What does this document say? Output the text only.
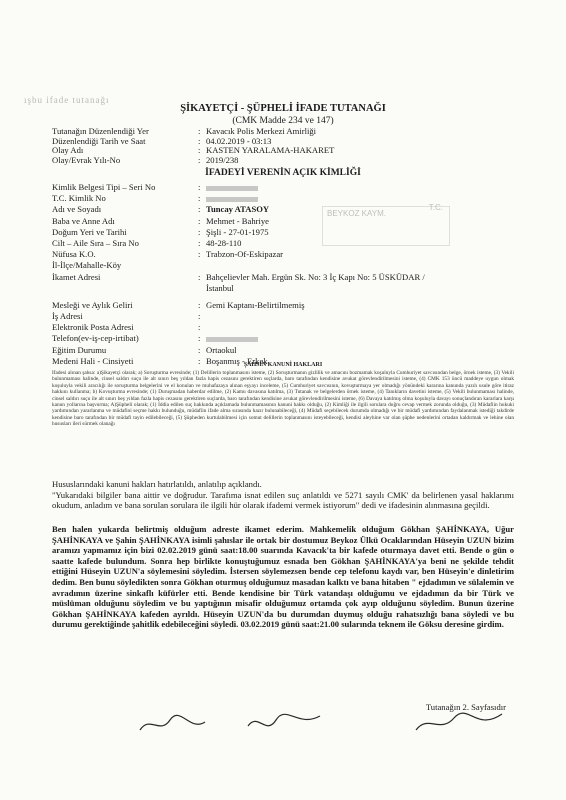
ışbu ifade tutanağı
ŞİKAYETÇİ - ŞÜPHELİ İFADE TUTANAĞI
(CMK Madde 234 ve 147)
Tutanağın Düzenlendiği Yer	: Kavacık Polis Merkezi Amirliği
Düzenlendiği Tarih ve Saat	: 04.02.2019 - 03:13
Olay Adı	: KASTEN YARALAMA-HAKARET
Olay/Evrak Yılı-No	: 2019/238
İFADEYİ VERENİN AÇIK KİMLİĞİ
Kimlik Belgesi Tipi – Seri No	:
T.C. Kimlik No	:
Adı ve Soyadı	: Tuncay ATASOY
Baba ve Anne Adı	: Mehmet - Bahriye
Doğum Yeri ve Tarihi	: Şişli - 27-01-1975
Cilt – Aile Sıra – Sıra No	: 48-28-110
Nüfusa K.O.	: Trabzon-Of-Eskipazar
İl-İlçe/Mahalle-Köy
İkamet Adresi	: Bahçelievler Mah. Ergün Sk. No: 3 İç Kapı No: 5 ÜSKÜDAR /
İstanbul
Mesleği ve Aylık Geliri	: Gemi Kaptanı-Belirtilmemiş
İş Adresi	:
Elektronik Posta Adresi	:
Telefon(ev-iş-cep-irtibat)	:
Eğitim Durumu	: Ortaokul
Medeni Hali - Cinsiyeti	: Boşanmış - Erkek
T.C.
BEYKOZ KAYM.
ŞAHSIN KANUNİ HAKLARI
İfadesi alınan şahsa: a)Şikayetçi olarak; a) Soruşturma evresinde; (1) Delillerin toplanmasını isteme, (2) Soruşturmanın gizlilik ve amacını bozmamak koşuluyla Cumhuriyet savcısından belge, örnek isteme, (3) Vekili bulunmaması halinde, cinsel saldırı suçu ile alt sınırı beş yıldan fazla hapis cezasını gerektiren suçlarda, baro tarafından kendisine avukat görevlendirilmesini isteme, (4) CMK 153 üncü maddeye uygun olmak koşuluyla vekili aracılığı ile soruşturma belgelerini ve el konulan ve muhafazaya alınan eşyayı inceleme, (5) Cumhuriyet savcısının, kovuşturmaya yer olmadığı yönündeki kararına kanunda yazılı usule göre itiraz hakkını kullanma; b) Kovuşturma evresinde; (1) Duruşmadan haberdar edilme, (2) Kamu davasına katılma, (3) Tutanak ve belgelerden örnek isteme, (4) Tanıkların davetini isteme, (5) Vekili bulunmaması halinde, cinsel saldırı suçu ile alt sınırı beş yıldan fazla hapis cezasını gerektiren suçlarda, baro tarafından kendisine avukat görevlendirilmesini isteme, (6) Davaya katılmış olma koşuluyla davayı sonuçlandıran kararlara karşı kanun yollarına başvurma; A)Şüpheli olarak; (1) İddia edilen suç hakkında açıklamada bulunmamasının kanuni hakkı olduğu, (2) Kimliği ile ilgili sorulara doğru cevap vermek zorunda olduğu, (3) Müdafiin hukuki yardımından yararlanma ve müdafini seçme hakkı bulunduğu, müdafiin ifade alma sırasında hazır bulunabileceği, (4) Müdafi seçebilecek durumda olmadığı ve bir müdafi yardımından faydalanmak istediği takdirde kendisine baro tarafından bir müdafi tayin edilebileceği, (5) Şüpheden kurtulabilmesi için somut delillerin toplanmasını isteyebileceği, kendisi aleyhine var olan şüphe nedenlerini ortadan kaldırmak ve lehine olan hususları ileri sürmek olanağı
Hususlarındaki kanuni hakları hatırlatıldı, anlatılıp açıklandı.
"Yukarıdaki bilgiler bana aittir ve doğrudur. Tarafıma isnat edilen suç anlatıldı ve 5271 sayılı CMK' da belirlenen yasal haklarımı okudum, anladım ve bana sorulan sorulara ile ilgili hür olarak ifademi vermek istiyorum" dedi ve ifadesinin alınmasına geçildi.
Ben halen yukarda belirtmiş olduğum adreste ikamet ederim. Mahkemelik olduğum Gökhan ŞAHİNKAYA, Uğur ŞAHİNKAYA ve Şahin ŞAHİNKAYA isimli şahıslar ile ortak bir dostumuz Beykoz Ülkü Ocaklarından Hüseyin UZUN bizim aramızı yapmamız için bizi 02.02.2019 günü saat:18.00 suarında Kavacık'ta bir kafede oturmaya davet etti. Bende o gün o saatte kafede bulundum. Sonra hep birlikte konuştuğumuz esnada ben Gökhan ŞAHİNKAYA'ya beni ne şekilde tehdit ettiğini Hüseyin UZUN'a söylemesini söyledim. İstersen söylemezsen bende cep telefonu kaydı var, ben Hüseyin'e dinletirim dedim. Ben bunu söyledikten sonra Gökhan oturmuş olduğumuz masadan kalktı ve bana hitaben " ejdadımın ve sülalemin ve avradımın üzerine sinkaflı küfürler etti. Bende kendisine bir Türk vatandaşı olduğumu ve ejdadımın da bir Türk ve müslüman olduğunu söyledim ve bu yaptığının misafir olduğumuz ortamda çok ayıp olduğunu söyledim. Bunun üzerine Gökhan ŞAHİNKAYA kafeden ayrıldı. Hüseyin UZUN'da bu durumdan duymuş olduğu rahatsızlığı bana söyledi ve bu durumu gerektiğinde şahitlik edebileceğini söyledi. 03.02.2019 günü saat:21.00 sularında teknem ile Göksu deresine girdim.
Tutanağın 2. Sayfasıdır
